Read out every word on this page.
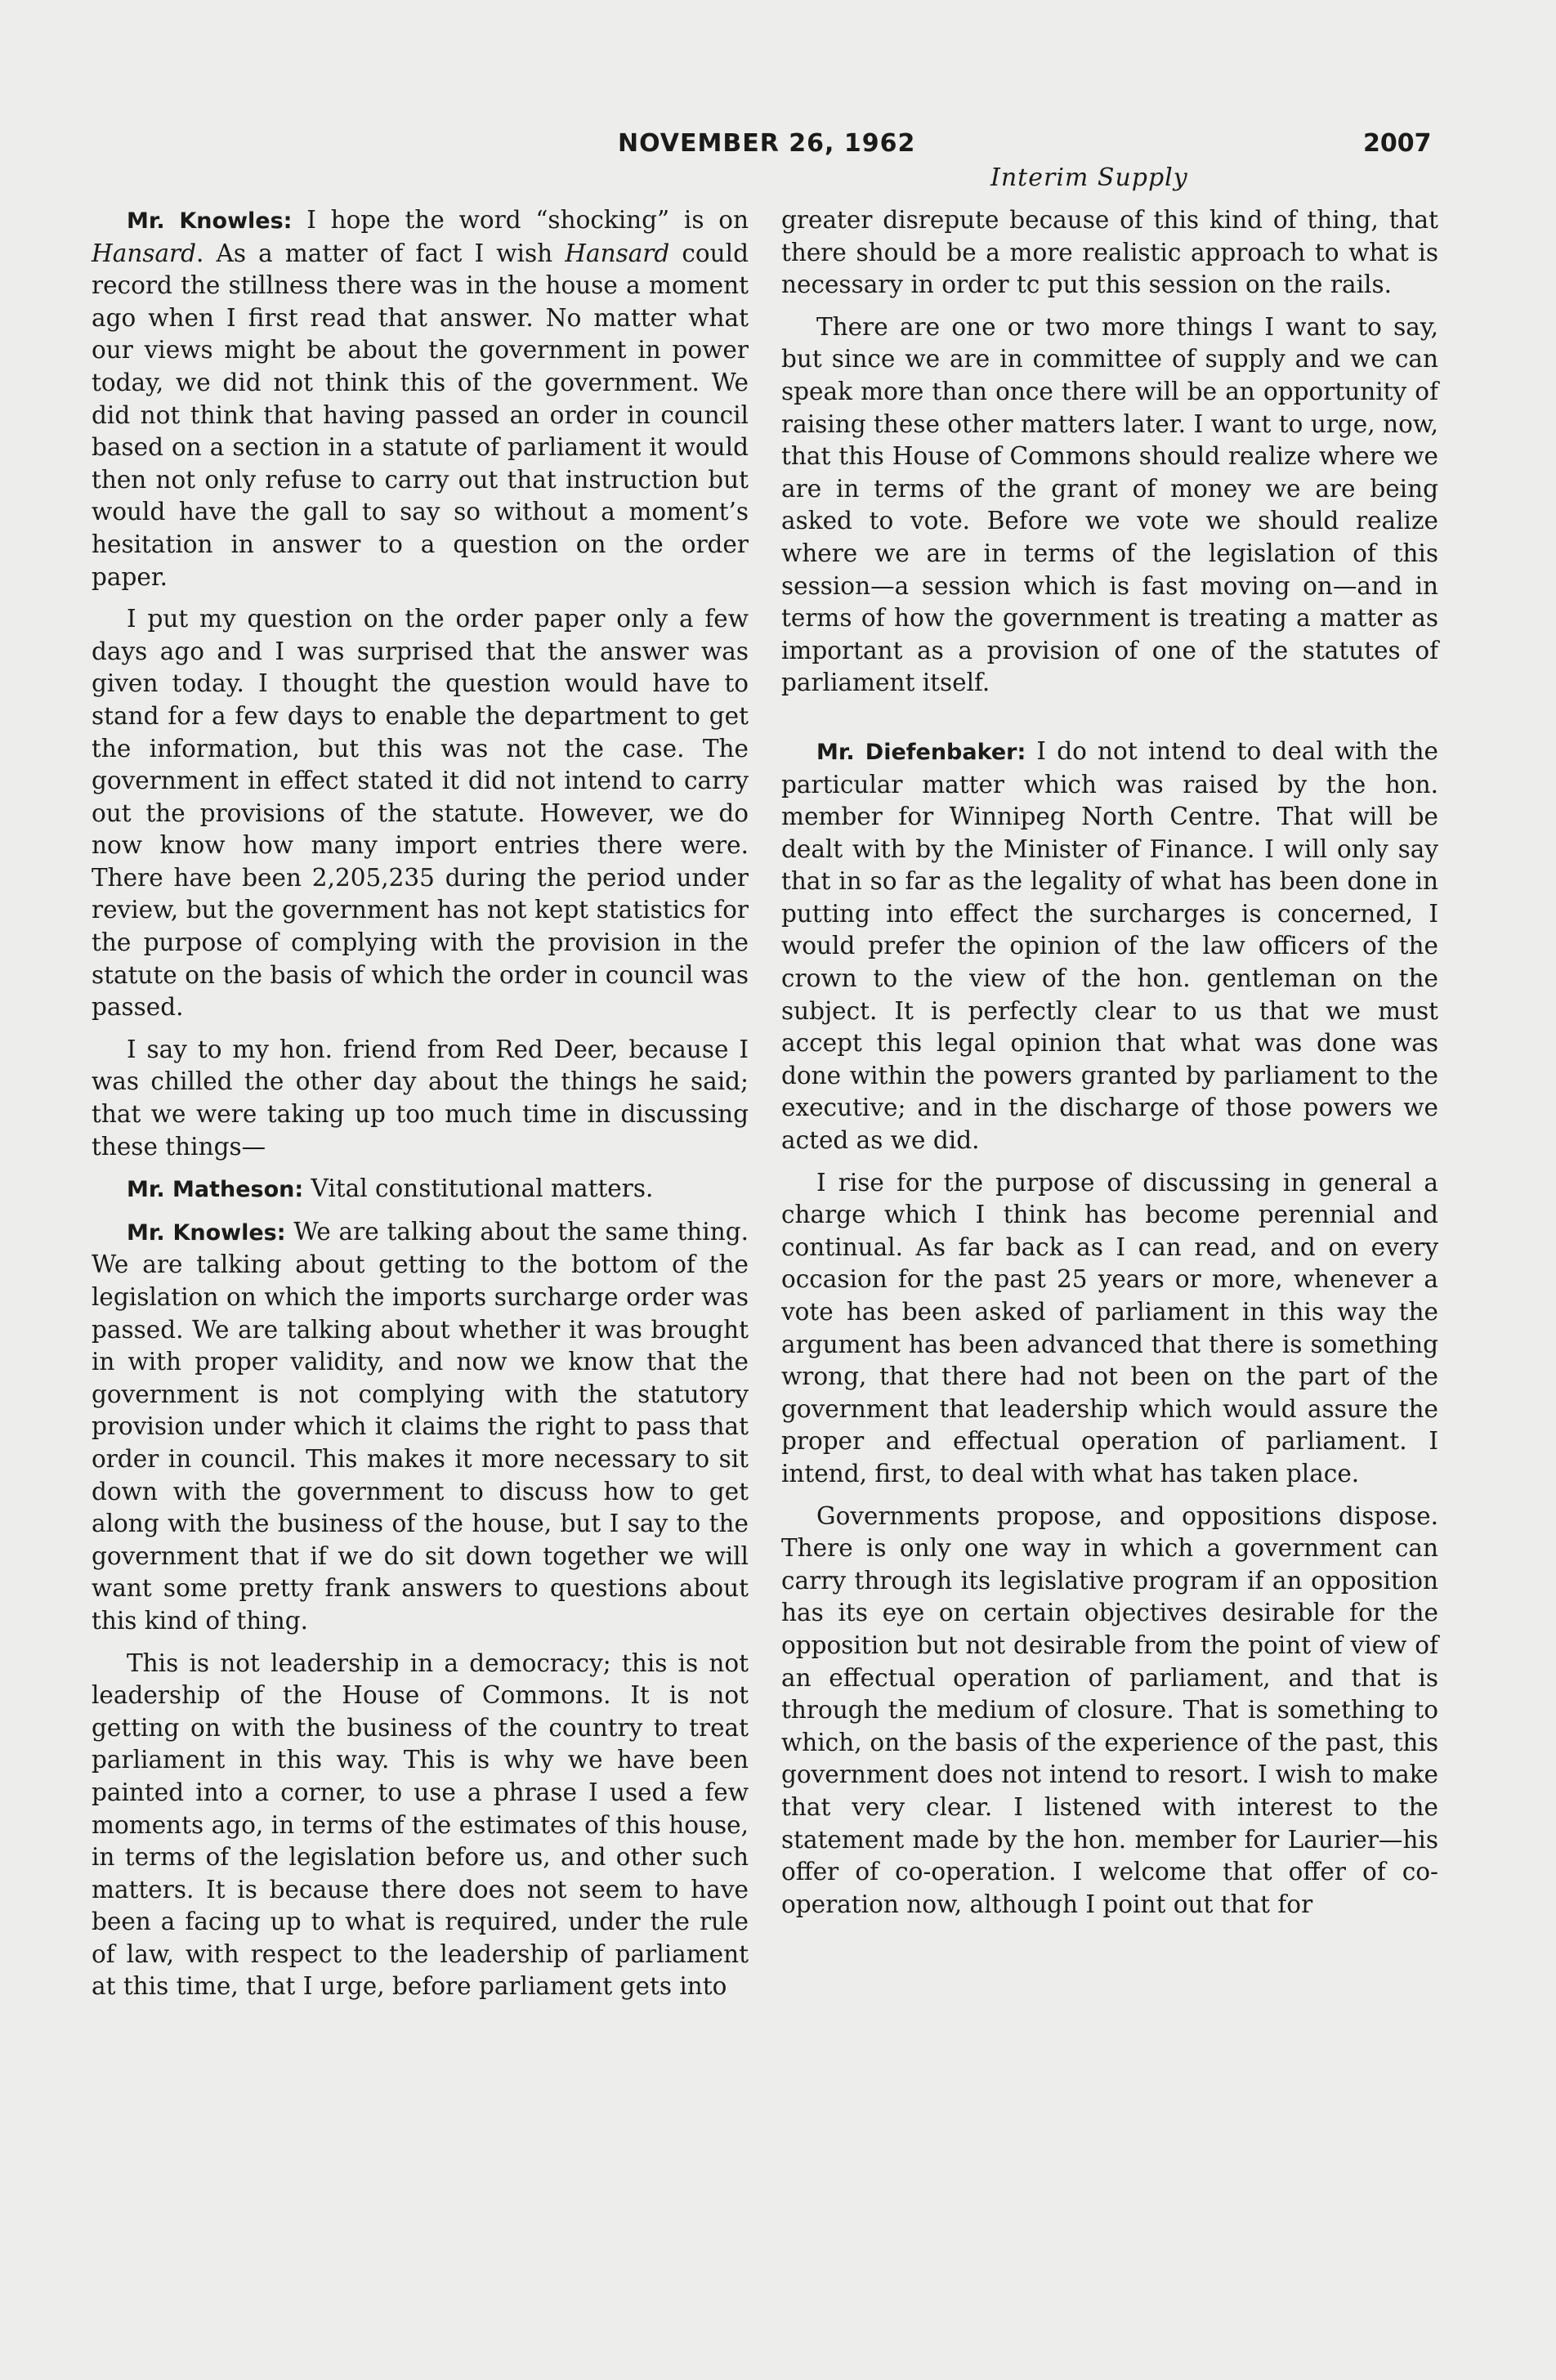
NOVEMBER 26, 1962	2007
Interim Supply

Mr. Knowles: I hope the word “shocking” is on Hansard. As a matter of fact I wish Hansard could record the stillness there was in the house a moment ago when I first read that answer. No matter what our views might be about the government in power today, we did not think this of the government. We did not think that having passed an order in council based on a section in a statute of parliament it would then not only refuse to carry out that instruction but would have the gall to say so without a moment’s hesitation in answer to a question on the order paper.

I put my question on the order paper only a few days ago and I was surprised that the answer was given today. I thought the question would have to stand for a few days to enable the department to get the information, but this was not the case. The government in effect stated it did not intend to carry out the provisions of the statute. However, we do now know how many import entries there were. There have been 2,205,235 during the period under review, but the government has not kept statistics for the purpose of complying with the provision in the statute on the basis of which the order in council was passed.

I say to my hon. friend from Red Deer, because I was chilled the other day about the things he said; that we were taking up too much time in discussing these things—

Mr. Matheson: Vital constitutional matters.

Mr. Knowles: We are talking about the same thing. We are talking about getting to the bottom of the legislation on which the imports surcharge order was passed. We are talking about whether it was brought in with proper validity, and now we know that the government is not complying with the statutory provision under which it claims the right to pass that order in council. This makes it more necessary to sit down with the government to discuss how to get along with the business of the house, but I say to the government that if we do sit down together we will want some pretty frank answers to questions about this kind of thing.

This is not leadership in a democracy; this is not leadership of the House of Commons. It is not getting on with the business of the country to treat parliament in this way. This is why we have been painted into a corner, to use a phrase I used a few moments ago, in terms of the estimates of this house, in terms of the legislation before us, and other such matters. It is because there does not seem to have been a facing up to what is required, under the rule of law, with respect to the leadership of parliament at this time, that I urge, before parliament gets into

greater disrepute because of this kind of thing, that there should be a more realistic approach to what is necessary in order tc put this session on the rails.

There are one or two more things I want to say, but since we are in committee of supply and we can speak more than once there will be an opportunity of raising these other matters later. I want to urge, now, that this House of Commons should realize where we are in terms of the grant of money we are being asked to vote. Before we vote we should realize where we are in terms of the legislation of this session—a session which is fast moving on—and in terms of how the government is treating a matter as important as a provision of one of the statutes of parliament itself.

Mr. Diefenbaker: I do not intend to deal with the particular matter which was raised by the hon. member for Winnipeg North Centre. That will be dealt with by the Minister of Finance. I will only say that in so far as the legality of what has been done in putting into effect the surcharges is concerned, I would prefer the opinion of the law officers of the crown to the view of the hon. gentleman on the subject. It is perfectly clear to us that we must accept this legal opinion that what was done was done within the powers granted by parliament to the executive; and in the discharge of those powers we acted as we did.

I rise for the purpose of discussing in general a charge which I think has become perennial and continual. As far back as I can read, and on every occasion for the past 25 years or more, whenever a vote has been asked of parliament in this way the argument has been advanced that there is something wrong, that there had not been on the part of the government that leadership which would assure the proper and effectual operation of parliament. I intend, first, to deal with what has taken place.

Governments propose, and oppositions dispose. There is only one way in which a government can carry through its legislative program if an opposition has its eye on certain objectives desirable for the opposition but not desirable from the point of view of an effectual operation of parliament, and that is through the medium of closure. That is something to which, on the basis of the experience of the past, this government does not intend to resort. I wish to make that very clear. I listened with interest to the statement made by the hon. member for Laurier—his offer of co-operation. I welcome that offer of co-operation now, although I point out that for
